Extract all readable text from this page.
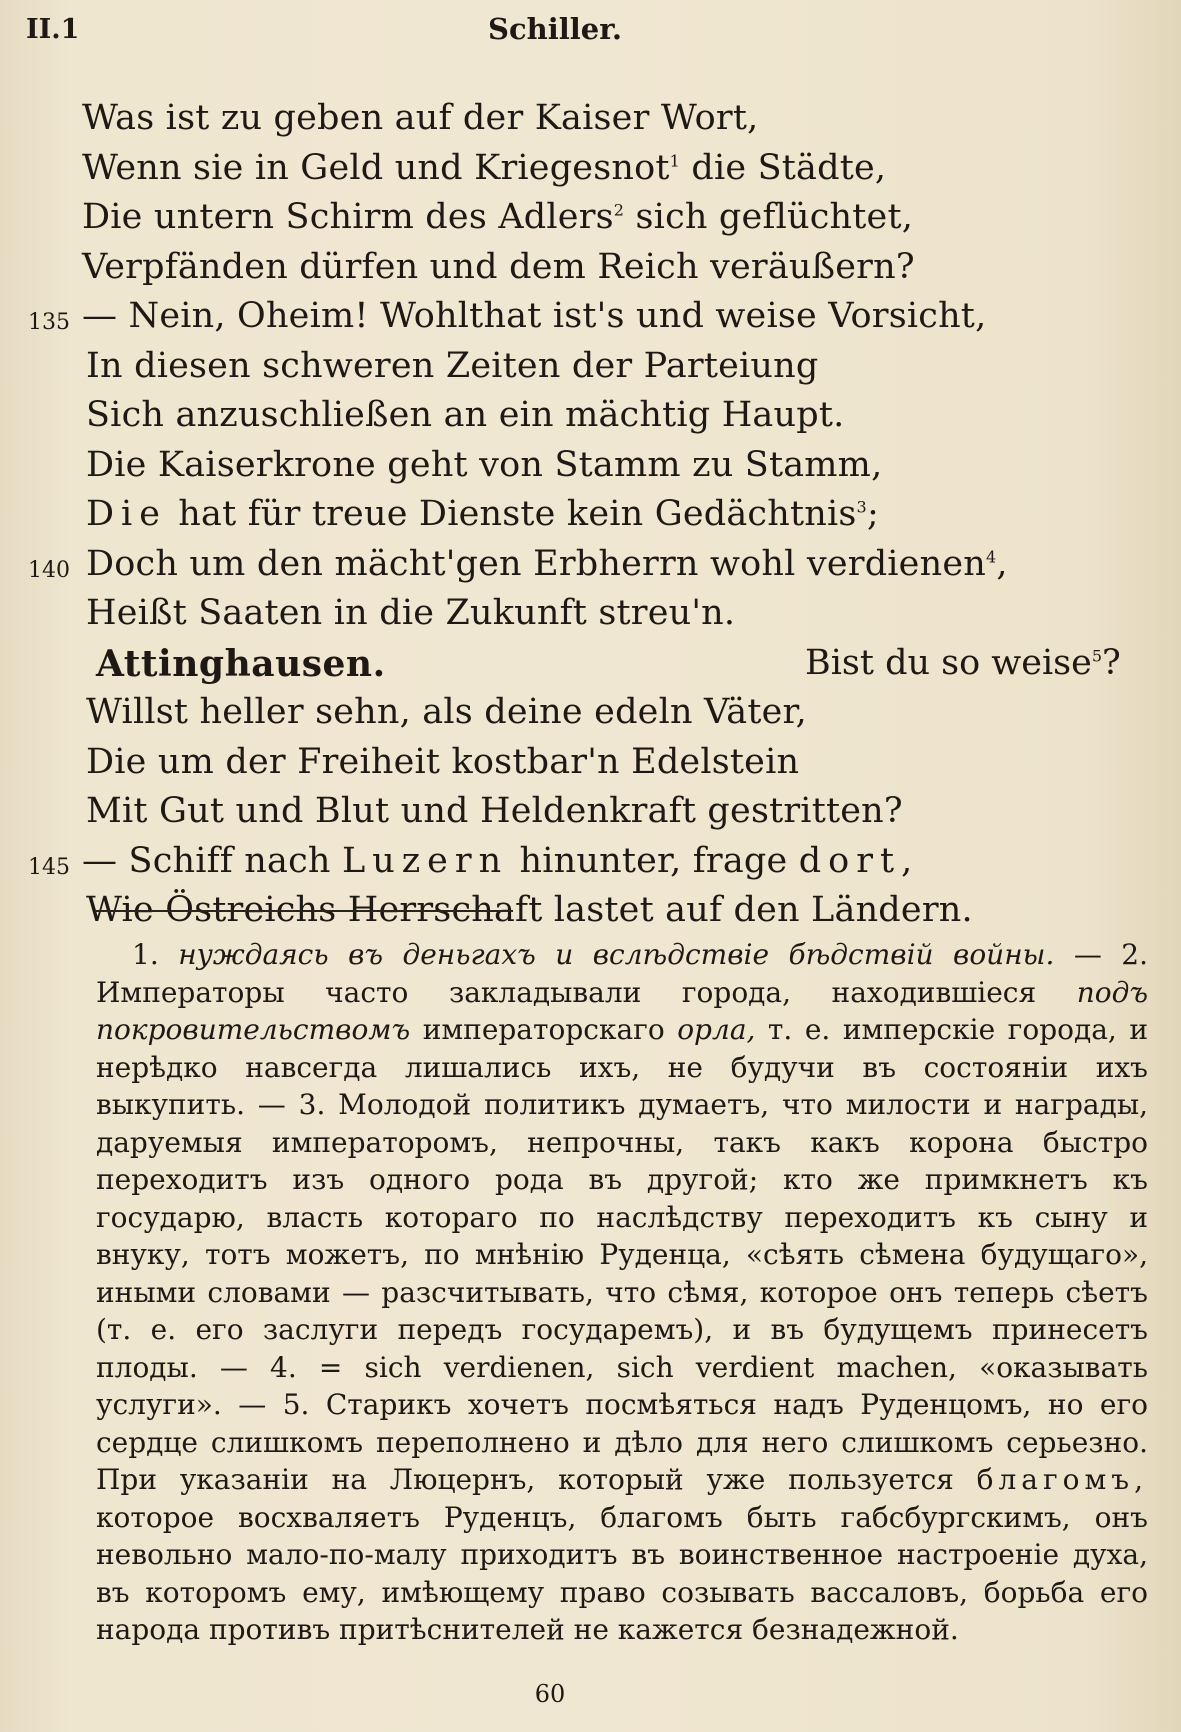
II.1	Schiller.
Was ist zu geben auf der Kaiser Wort,
Wenn sie in Geld und Kriegesnot$^1$ die Städte,
Die untern Schirm des Adlers$^2$ sich geflüchtet,
Verpfänden dürfen und dem Reich veräußern?
135 — Nein, Oheim! Wohlthat ist's und weise Vorsicht,
In diesen schweren Zeiten der Parteiung
Sich anzuschließen an ein mächtig Haupt.
Die Kaiserkrone geht von Stamm zu Stamm,
Die hat für treue Dienste kein Gedächtnis$^3$;
140 Doch um den mächt'gen Erbherrn wohl verdienen$^4$,
Heißt Saaten in die Zukunft streu'n.
Attinghausen.	Bist du so weise$^5$?
Willst heller sehn, als deine edeln Väter,
Die um der Freiheit kostbar'n Edelstein
Mit Gut und Blut und Heldenkraft gestritten?
145 — Schiff nach Luzern hinunter, frage dort,
Wie Östreichs Herrschaft lastet auf den Ländern.

1. нуждаясь въ деньгахъ и вслѣдствіе бѣдствій войны. — 2. Императоры часто закладывали города, находившіеся подъ покровительствомъ императорскаго орла, т. е. имперскіе города, и нерѣдко навсегда лишались ихъ, не будучи въ состояніи ихъ выкупить. — 3. Молодой политикъ думаетъ, что милости и награды, даруемыя императоромъ, непрочны, такъ какъ корона быстро переходитъ изъ одного рода въ другой; кто же примкнетъ къ государю, власть котораго по наслѣдству переходитъ къ сыну и внуку, тотъ можетъ, по мнѣнію Руденца, «сѣять сѣмена будущаго», иными словами — разсчитывать, что сѣмя, которое онъ теперь сѣетъ (т. е. его заслуги передъ государемъ), и въ будущемъ принесетъ плоды. — 4. = sich verdienen, sich verdient machen, «оказывать услуги». — 5. Старикъ хочетъ посмѣяться надъ Руденцомъ, но его сердце слишкомъ переполнено и дѣло для него слишкомъ серьезно. При указаніи на Люцернъ, который уже пользуется благомъ, которое восхваляетъ Руденцъ, благомъ быть габсбургскимъ, онъ невольно мало-по-малу приходитъ въ воинственное настроеніе духа, въ которомъ ему, имѣющему право созывать вассаловъ, борьба его народа противъ притѣснителей не кажется безнадежной.

60
